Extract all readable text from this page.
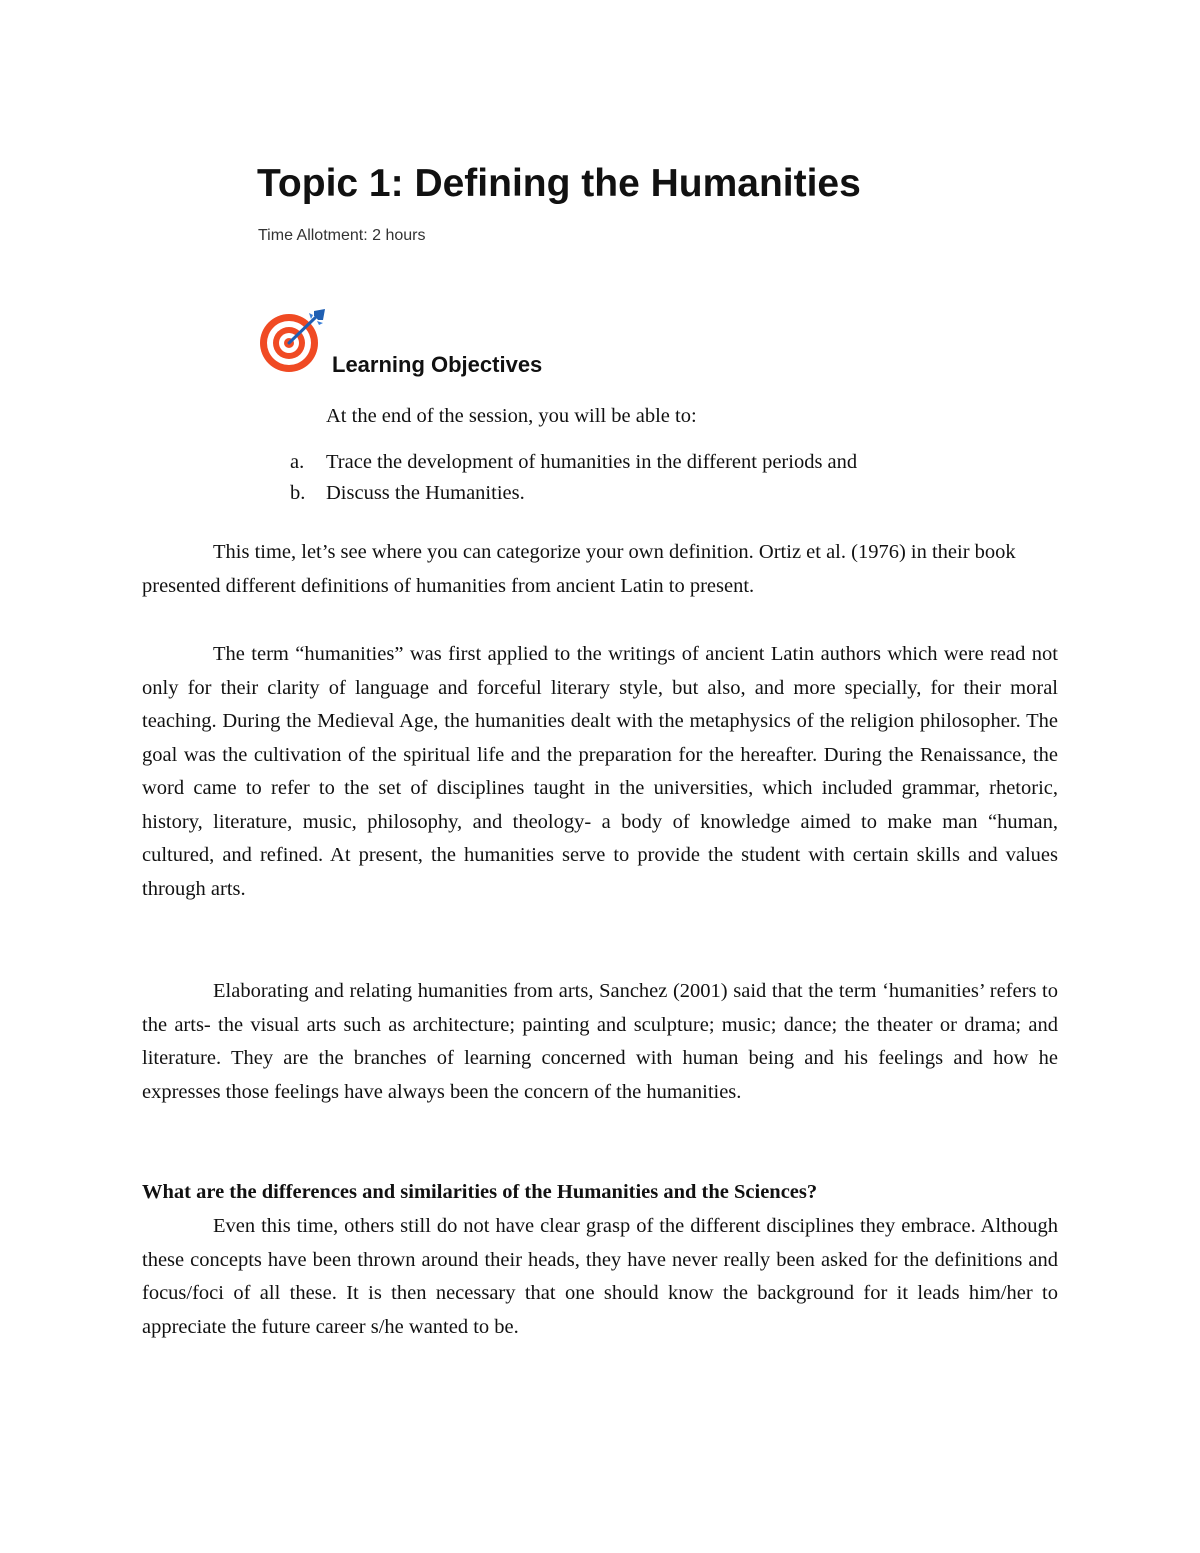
Topic 1: Defining the Humanities
Time Allotment: 2 hours
Learning Objectives
At the end of the session, you will be able to:
a.	Trace the development of humanities in the different periods and
b.	Discuss the Humanities.

This time, let’s see where you can categorize your own definition. Ortiz et al. (1976) in their book presented different definitions of humanities from ancient Latin to present.

The term “humanities” was first applied to the writings of ancient Latin authors which were read not only for their clarity of language and forceful literary style, but also, and more specially, for their moral teaching. During the Medieval Age, the humanities dealt with the metaphysics of the religion philosopher. The goal was the cultivation of the spiritual life and the preparation for the hereafter. During the Renaissance, the word came to refer to the set of disciplines taught in the universities, which included grammar, rhetoric, history, literature, music, philosophy, and theology- a body of knowledge aimed to make man “human, cultured, and refined. At present, the humanities serve to provide the student with certain skills and values through arts.

Elaborating and relating humanities from arts, Sanchez (2001) said that the term ‘humanities’ refers to the arts- the visual arts such as architecture; painting and sculpture; music; dance; the theater or drama; and literature. They are the branches of learning concerned with human being and his feelings and how he expresses those feelings have always been the concern of the humanities.

What are the differences and similarities of the Humanities and the Sciences?

Even this time, others still do not have clear grasp of the different disciplines they embrace. Although these concepts have been thrown around their heads, they have never really been asked for the definitions and focus/foci of all these. It is then necessary that one should know the background for it leads him/her to appreciate the future career s/he wanted to be.
